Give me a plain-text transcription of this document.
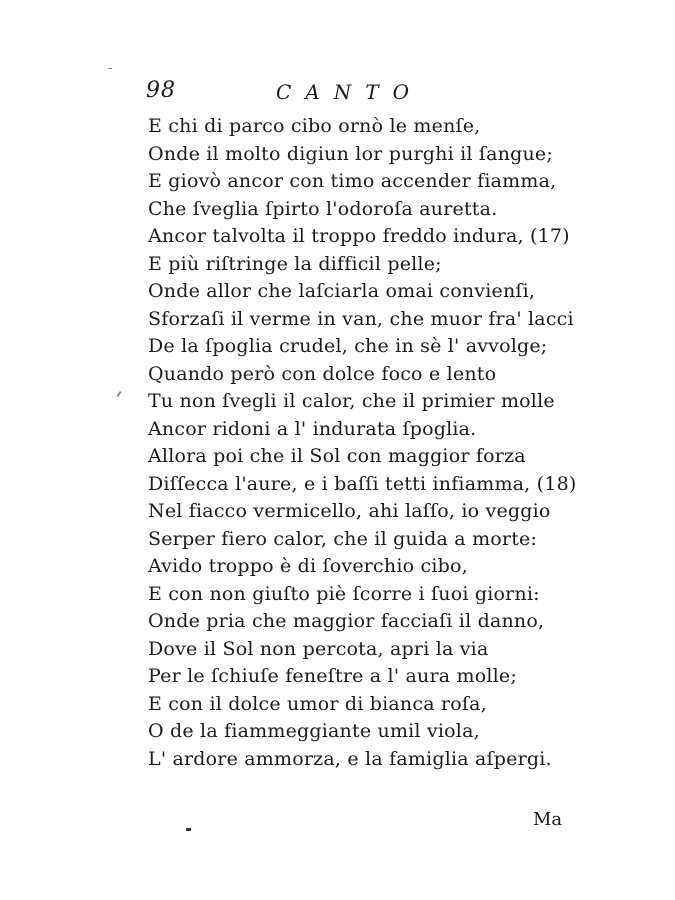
98	CANTO
E chi di parco cibo ornò le menſe,
Onde il molto digiun lor purghi il ſangue;
E giovò ancor con timo accender fiamma,
Che ſveglia ſpirto l'odoroſa auretta.
Ancor talvolta il troppo freddo indura, (17)
E più riſtringe la difficil pelle;
Onde allor che laſciarla omai convienſi,
Sforzaſi il verme in van, che muor fra' lacci
De la ſpoglia crudel, che in sè l' avvolge;
Quando però con dolce foco e lento
Tu non ſvegli il calor, che il primier molle
Ancor ridoni a l' indurata ſpoglia.
Allora poi che il Sol con maggior forza
Diſſecca l'aure, e i baſſi tetti infiamma, (18)
Nel fiacco vermicello, ahi laſſo, io veggio
Serper fiero calor, che il guida a morte:
Avido troppo è di ſoverchio cibo,
E con non giuſto piè ſcorre i ſuoi giorni:
Onde pria che maggior facciaſi il danno,
Dove il Sol non percota, apri la via
Per le ſchiuſe feneſtre a l' aura molle;
E con il dolce umor di bianca roſa,
O de la fiammeggiante umil viola,
L' ardore ammorza, e la famiglia aſpergi.
Ma
